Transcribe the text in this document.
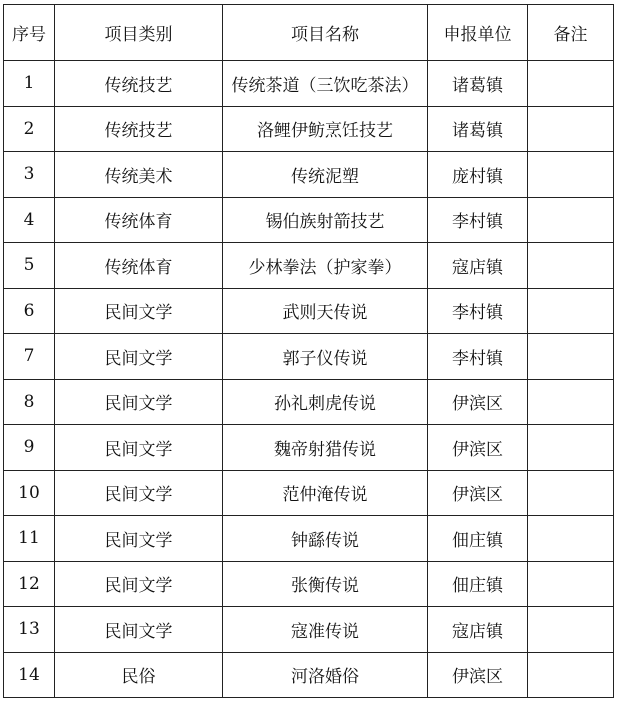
序号	项目类别	项目名称	申报单位	备注
1	传统技艺	传统茶道（三饮吃茶法）	诸葛镇	
2	传统技艺	洛鲤伊鲂烹饪技艺	诸葛镇	
3	传统美术	传统泥塑	庞村镇	
4	传统体育	锡伯族射箭技艺	李村镇	
5	传统体育	少林拳法（护家拳）	寇店镇	
6	民间文学	武则天传说	李村镇	
7	民间文学	郭子仪传说	李村镇	
8	民间文学	孙礼刺虎传说	伊滨区	
9	民间文学	魏帝射猎传说	伊滨区	
10	民间文学	范仲淹传说	伊滨区	
11	民间文学	钟繇传说	佃庄镇	
12	民间文学	张衡传说	佃庄镇	
13	民间文学	寇准传说	寇店镇	
14	民俗	河洛婚俗	伊滨区	
